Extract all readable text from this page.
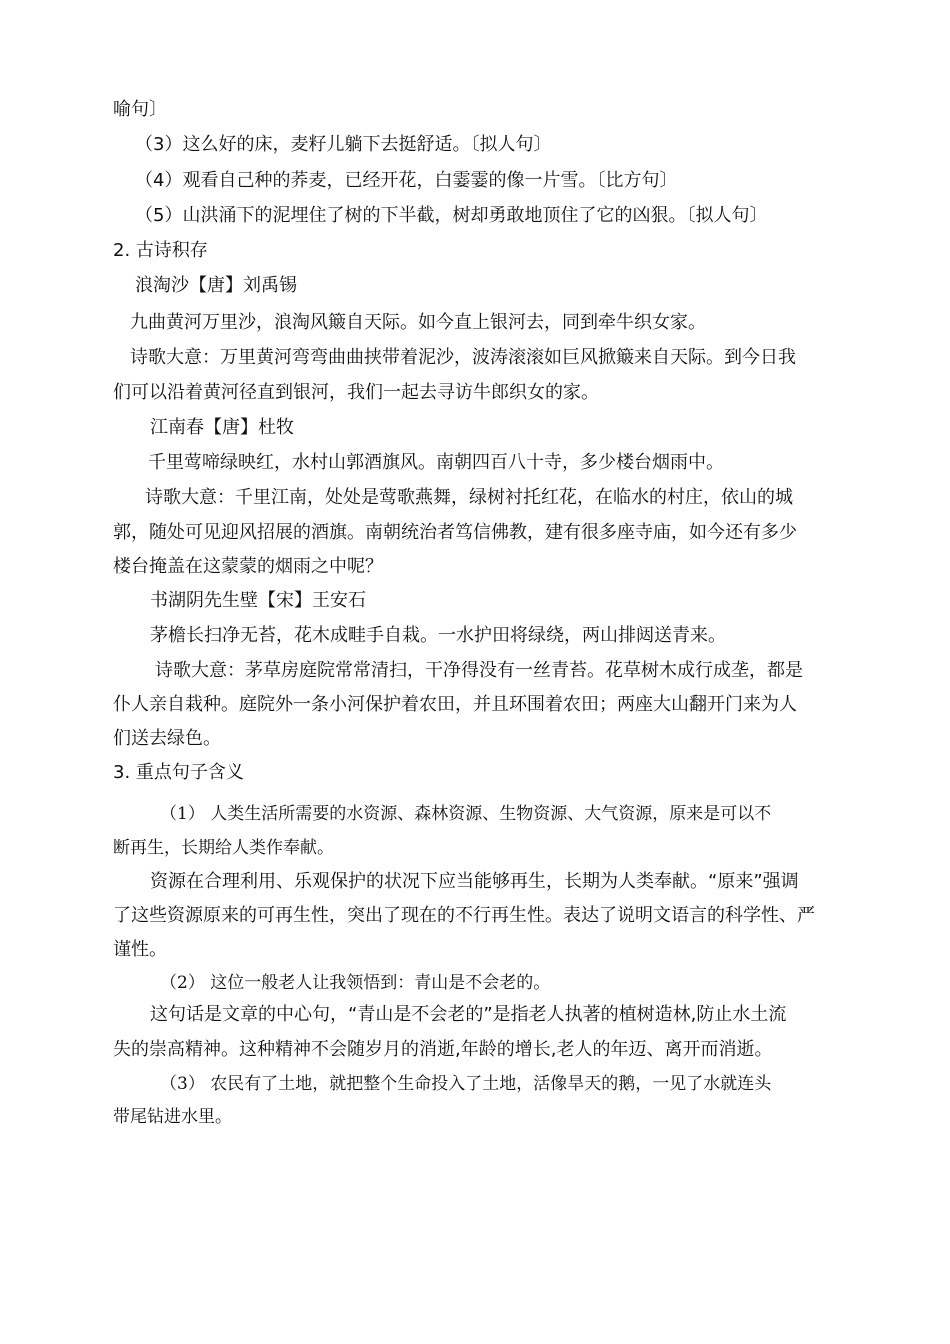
喻句〕
（3）这么好的床，麦籽儿躺下去挺舒适。〔拟人句〕
（4）观看自己种的荞麦，已经开花，白霎霎的像一片雪。〔比方句〕
（5）山洪涌下的泥埋住了树的下半截，树却勇敢地顶住了它的凶狠。〔拟人句〕
2. 古诗积存
浪淘沙【唐】刘禹锡
九曲黄河万里沙，浪淘风簸自天际。如今直上银河去，同到牵牛织女家。
诗歌大意：万里黄河弯弯曲曲挟带着泥沙，波涛滚滚如巨风掀簸来自天际。到今日我
们可以沿着黄河径直到银河，我们一起去寻访牛郎织女的家。
江南春【唐】杜牧
千里莺啼绿映红，水村山郭酒旗风。南朝四百八十寺，多少楼台烟雨中。
诗歌大意：千里江南，处处是莺歌燕舞，绿树衬托红花，在临水的村庄，依山的城
郭，随处可见迎风招展的酒旗。南朝统治者笃信佛教，建有很多座寺庙，如今还有多少
楼台掩盖在这蒙蒙的烟雨之中呢？
书湖阴先生壁【宋】王安石
茅檐长扫净无苔，花木成畦手自栽。一水护田将绿绕，两山排闼送青来。
诗歌大意：茅草房庭院常常清扫，干净得没有一丝青苔。花草树木成行成垄，都是
仆人亲自栽种。庭院外一条小河保护着农田，并且环围着农田；两座大山翻开门来为人
们送去绿色。
3. 重点句子含义
（1） 人类生活所需要的水资源、森林资源、生物资源、大气资源，原来是可以不
断再生，长期给人类作奉献。
资源在合理利用、乐观保护的状况下应当能够再生，长期为人类奉献。“原来”强调
了这些资源原来的可再生性，突出了现在的不行再生性。表达了说明文语言的科学性、严
谨性。
（2） 这位一般老人让我领悟到：青山是不会老的。
这句话是文章的中心句，“青山是不会老的”是指老人执著的植树造林,防止水土流
失的崇高精神。这种精神不会随岁月的消逝,年龄的增长,老人的年迈、离开而消逝。
（3） 农民有了土地，就把整个生命投入了土地，活像旱天的鹅，一见了水就连头
带尾钻进水里。
